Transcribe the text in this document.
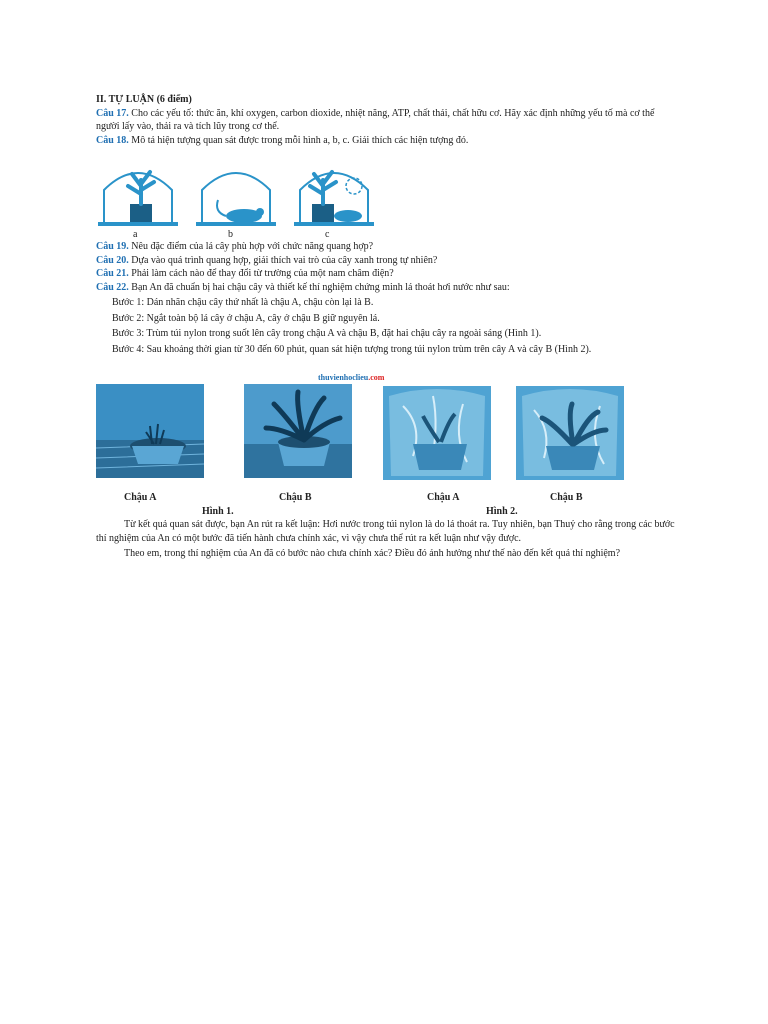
II. TỰ LUẬN (6 điểm)

Câu 17. Cho các yếu tố: thức ăn, khí oxygen, carbon dioxide, nhiệt năng, ATP, chất thải, chất hữu cơ. Hãy xác định những yếu tố mà cơ thể người lấy vào, thải ra và tích lũy trong cơ thể.

Câu 18. Mô tả hiện tượng quan sát được trong mỗi hình a, b, c. Giải thích các hiện tượng đó.

a	b	c

Câu 19. Nêu đặc điểm của lá cây phù hợp với chức năng quang hợp?

Câu 20. Dựa vào quá trình quang hợp, giải thích vai trò của cây xanh trong tự nhiên?

Câu 21. Phải làm cách nào để thay đổi từ trường của một nam châm điện?

Câu 22. Bạn An đã chuẩn bị hai chậu cây và thiết kế thí nghiệm chứng minh lá thoát hơi nước như sau:

Bước 1: Dán nhãn chậu cây thứ nhất là chậu A, chậu còn lại là B.

Bước 2: Ngắt toàn bộ lá cây ở chậu A, cây ở chậu B giữ nguyên lá.

Bước 3: Trùm túi nylon trong suốt lên cây trong chậu A và chậu B, đặt hai chậu cây ra ngoài sáng (Hình 1).

Bước 4: Sau khoảng thời gian từ 30 đến 60 phút, quan sát hiện tượng trong túi nylon trùm trên cây A và cây B (Hình 2).

thuvienhoclieu.com
Chậu A	Chậu B	Chậu A	Chậu B
Hình 1.	Hình 2.

Từ kết quả quan sát được, bạn An rút ra kết luận: Hơi nước trong túi nylon là do lá thoát ra. Tuy nhiên, bạn Thuỷ cho rằng trong các bước thí nghiệm của An có một bước đã tiến hành chưa chính xác, vì vậy chưa thể rút ra kết luận như vậy được.

Theo em, trong thí nghiệm của An đã có bước nào chưa chính xác? Điều đó ảnh hưởng như thế nào đến kết quả thí nghiệm?
